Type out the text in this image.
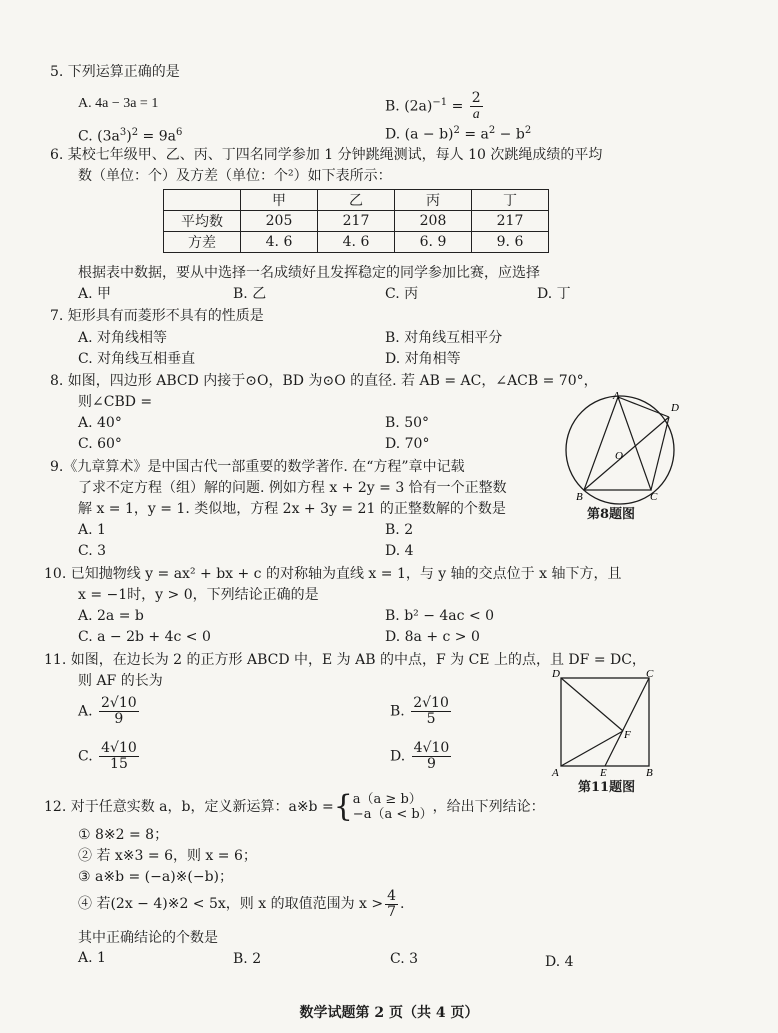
5. 下列运算正确的是
A. 4a − 3a = 1	B. $(2a)^{-1} = \frac{2}{a}$
C. $(3a^3)^2 = 9a^6$	D. $(a - b)^2 = a^2 - b^2$
6. 某校七年级甲、乙、丙、丁四名同学参加 1 分钟跳绳测试，每人 10 次跳绳成绩的平均
数（单位：个）及方差（单位：个²）如下表所示：
	甲	乙	丙	丁
平均数	205	217	208	217
方差	4. 6	4. 6	6. 9	9. 6
根据表中数据，要从中选择一名成绩好且发挥稳定的同学参加比赛，应选择
A. 甲	B. 乙	C. 丙	D. 丁
7. 矩形具有而菱形不具有的性质是
A. 对角线相等	B. 对角线互相平分
C. 对角线互相垂直	D. 对角相等
8. 如图，四边形 ABCD 内接于⊙O，BD 为⊙O 的直径. 若 AB = AC，∠ACB = 70°，
则∠CBD =
A. 40°	B. 50°
C. 60°	D. 70°
A
D
O
B	C
第8题图
9.《九章算术》是中国古代一部重要的数学著作. 在“方程”章中记载
了求不定方程（组）解的问题. 例如方程 x + 2y = 3 恰有一个正整数
解 x = 1，y = 1. 类似地，方程 2x + 3y = 21 的正整数解的个数是
A. 1	B. 2
C. 3	D. 4
10. 已知抛物线 y = ax² + bx + c 的对称轴为直线 x = 1，与 y 轴的交点位于 x 轴下方，且
x = −1时，y > 0，下列结论正确的是
A. 2a = b	B. b² − 4ac < 0
C. a − 2b + 4c < 0	D. 8a + c > 0
11. 如图，在边长为 2 的正方形 ABCD 中，E 为 AB 的中点，F 为 CE 上的点，且 DF = DC，
则 AF 的长为
A. $\frac{2√10}{9}$	B. $\frac{2√10}{5}$
C. $\frac{4√10}{15}$	D. $\frac{4√10}{9}$
D	C
F
A	E	B
第11题图
12. 对于任意实数 a，b，定义新运算：a※b ={ a（a ≥ b）
−a（a < b） ，给出下列结论：
① 8※2 = 8；
② 若 x※3 = 6，则 x = 6；
③ a※b = (−a)※(−b)；
④ 若(2x − 4)※2 < 5x，则 x 的取值范围为 $x > \frac{4}{7}$ .
其中正确结论的个数是
A. 1	B. 2	C. 3	D. 4
数学试题第 2 页（共 4 页）
